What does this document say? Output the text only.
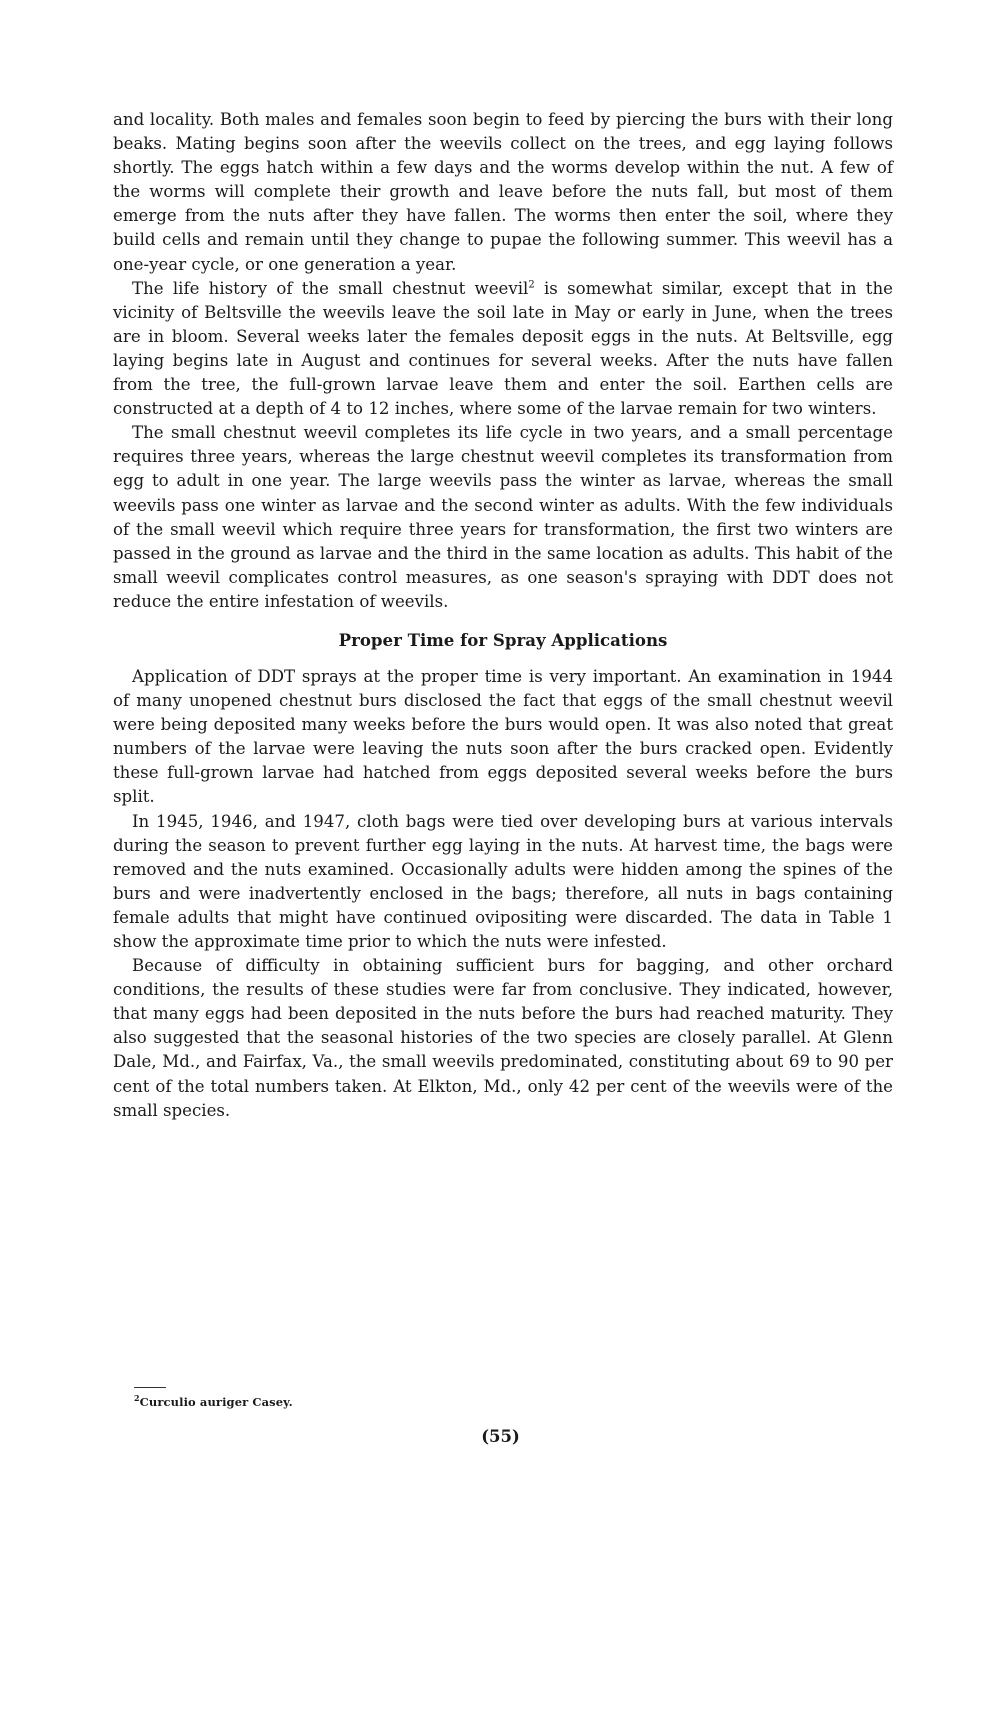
and locality. Both males and females soon begin to feed by piercing the burs with their long beaks. Mating begins soon after the weevils collect on the trees, and egg laying follows shortly. The eggs hatch within a few days and the worms develop within the nut. A few of the worms will complete their growth and leave before the nuts fall, but most of them emerge from the nuts after they have fallen. The worms then enter the soil, where they build cells and remain until they change to pupae the following summer. This weevil has a one-year cycle, or one generation a year.

The life history of the small chestnut weevil$^2$ is somewhat similar, except that in the vicinity of Beltsville the weevils leave the soil late in May or early in June, when the trees are in bloom. Several weeks later the females deposit eggs in the nuts. At Beltsville, egg laying begins late in August and continues for several weeks. After the nuts have fallen from the tree, the full-grown larvae leave them and enter the soil. Earthen cells are constructed at a depth of 4 to 12 inches, where some of the larvae remain for two winters.

The small chestnut weevil completes its life cycle in two years, and a small percentage requires three years, whereas the large chestnut weevil completes its transformation from egg to adult in one year. The large weevils pass the winter as larvae, whereas the small weevils pass one winter as larvae and the second winter as adults. With the few individuals of the small weevil which require three years for transformation, the first two winters are passed in the ground as larvae and the third in the same location as adults. This habit of the small weevil complicates control measures, as one season's spraying with DDT does not reduce the entire infestation of weevils.

Proper Time for Spray Applications

Application of DDT sprays at the proper time is very important. An examination in 1944 of many unopened chestnut burs disclosed the fact that eggs of the small chestnut weevil were being deposited many weeks before the burs would open. It was also noted that great numbers of the larvae were leaving the nuts soon after the burs cracked open. Evidently these full-grown larvae had hatched from eggs deposited several weeks before the burs split.

In 1945, 1946, and 1947, cloth bags were tied over developing burs at various intervals during the season to prevent further egg laying in the nuts. At harvest time, the bags were removed and the nuts examined. Occasionally adults were hidden among the spines of the burs and were inadvertently enclosed in the bags; therefore, all nuts in bags containing female adults that might have continued ovipositing were discarded. The data in Table 1 show the approximate time prior to which the nuts were infested.

Because of difficulty in obtaining sufficient burs for bagging, and other orchard conditions, the results of these studies were far from conclusive. They indicated, however, that many eggs had been deposited in the nuts before the burs had reached maturity. They also suggested that the seasonal histories of the two species are closely parallel. At Glenn Dale, Md., and Fairfax, Va., the small weevils predominated, constituting about 69 to 90 per cent of the total numbers taken. At Elkton, Md., only 42 per cent of the weevils were of the small species.

$^2$Curculio auriger Casey.
(55)
